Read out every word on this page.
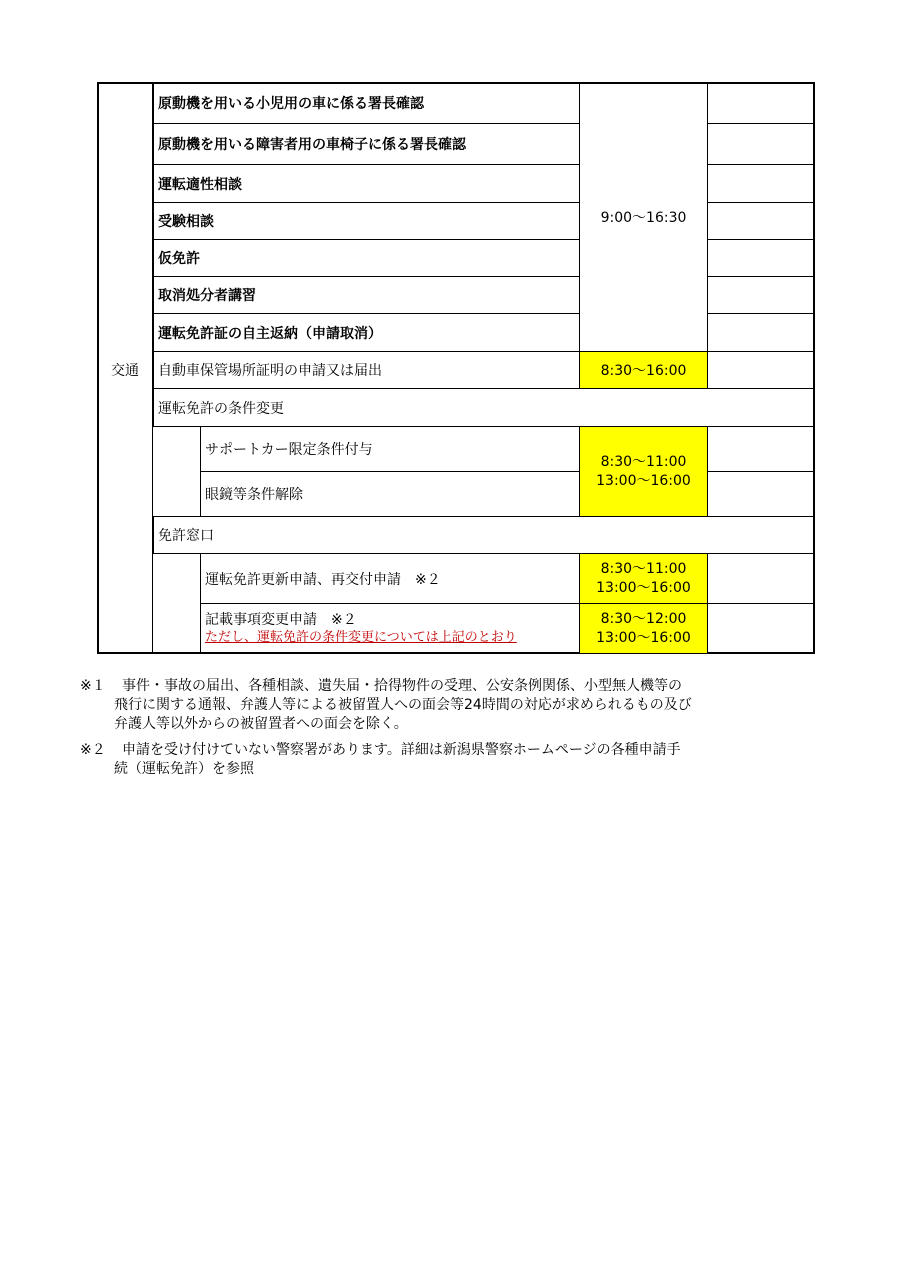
交通
原動機を用いる小児用の車に係る署長確認
原動機を用いる障害者用の車椅子に係る署長確認
運転適性相談
受験相談
仮免許
取消処分者講習
運転免許証の自主返納（申請取消）
9:00～16:30
自動車保管場所証明の申請又は届出	8:30～16:00
運転免許の条件変更
サポートカー限定条件付与
眼鏡等条件解除
8:30～11:00
13:00～16:00
免許窓口
運転免許更新申請、再交付申請　※２
8:30～11:00
13:00～16:00
記載事項変更申請　※２
ただし、運転免許の条件変更については上記のとおり
8:30～12:00
13:00～16:00
※１ 　事件・事故の届出、各種相談、遺失届・拾得物件の受理、公安条例関係、小型無人機等の
飛行に関する通報、弁護人等による被留置人への面会等24時間の対応が求められるもの及び
弁護人等以外からの被留置者への面会を除く。
※２ 　申請を受け付けていない警察署があります。詳細は新潟県警察ホームページの各種申請手
続（運転免許）を参照
